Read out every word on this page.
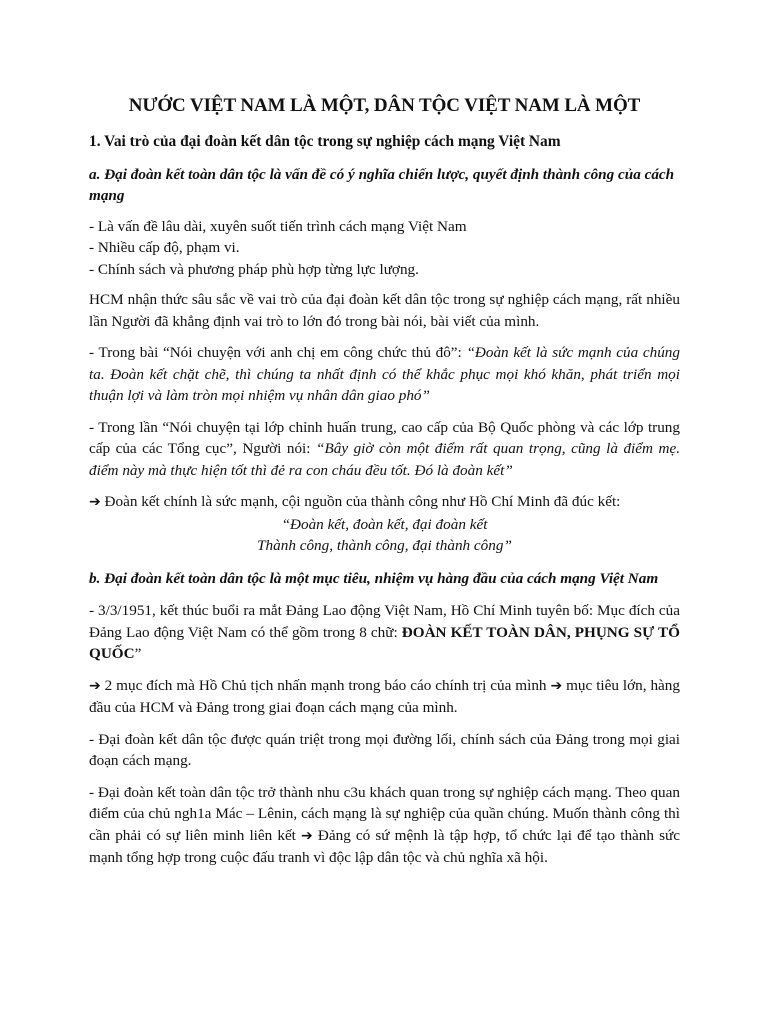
NƯỚC VIỆT NAM LÀ MỘT, DÂN TỘC VIỆT NAM LÀ MỘT
1. Vai trò của đại đoàn kết dân tộc trong sự nghiệp cách mạng Việt Nam
a. Đại đoàn kết toàn dân tộc là vấn đề có ý nghĩa chiến lược, quyết định thành công của cách mạng
- Là vấn đề lâu dài, xuyên suốt tiến trình cách mạng Việt Nam
- Nhiều cấp độ, phạm vi.
- Chính sách và phương pháp phù hợp từng lực lượng.

HCM nhận thức sâu sắc về vai trò của đại đoàn kết dân tộc trong sự nghiệp cách mạng, rất nhiều lần Người đã khẳng định vai trò to lớn đó trong bài nói, bài viết của mình.

- Trong bài “Nói chuyện với anh chị em công chức thủ đô”: “Đoàn kết là sức mạnh của chúng ta. Đoàn kết chặt chẽ, thì chúng ta nhất định có thể khắc phục mọi khó khăn, phát triển mọi thuận lợi và làm tròn mọi nhiệm vụ nhân dân giao phó”

- Trong lần “Nói chuyện tại lớp chỉnh huấn trung, cao cấp của Bộ Quốc phòng và các lớp trung cấp của các Tổng cục”, Người nói: “Bây giờ còn một điểm rất quan trọng, cũng là điểm mẹ. điểm này mà thực hiện tốt thì đẻ ra con cháu đều tốt. Đó là đoàn kết”

➔ Đoàn kết chính là sức mạnh, cội nguồn của thành công như Hồ Chí Minh đã đúc kết:

“Đoàn kết, đoàn kết, đại đoàn kết
Thành công, thành công, đại thành công”
b. Đại đoàn kết toàn dân tộc là một mục tiêu, nhiệm vụ hàng đầu của cách mạng Việt Nam

- 3/3/1951, kết thúc buổi ra mắt Đảng Lao động Việt Nam, Hồ Chí Minh tuyên bố: Mục đích của Đảng Lao động Việt Nam có thể gồm trong 8 chữ: ĐOÀN KẾT TOÀN DÂN, PHỤNG SỰ TỔ QUỐC”

➔ 2 mục đích mà Hồ Chủ tịch nhấn mạnh trong báo cáo chính trị của mình ➔ mục tiêu lớn, hàng đầu của HCM và Đảng trong giai đoạn cách mạng của mình.

- Đại đoàn kết dân tộc được quán triệt trong mọi đường lối, chính sách của Đảng trong mọi giai đoạn cách mạng.

- Đại đoàn kết toàn dân tộc trở thành nhu c3u khách quan trong sự nghiệp cách mạng. Theo quan điểm của chủ ngh1a Mác – Lênin, cách mạng là sự nghiệp của quần chúng. Muốn thành công thì cần phải có sự liên minh liên kết ➔ Đảng có sứ mệnh là tập hợp, tổ chức lại để tạo thành sức mạnh tổng hợp trong cuộc đấu tranh vì độc lập dân tộc và chủ nghĩa xã hội.
